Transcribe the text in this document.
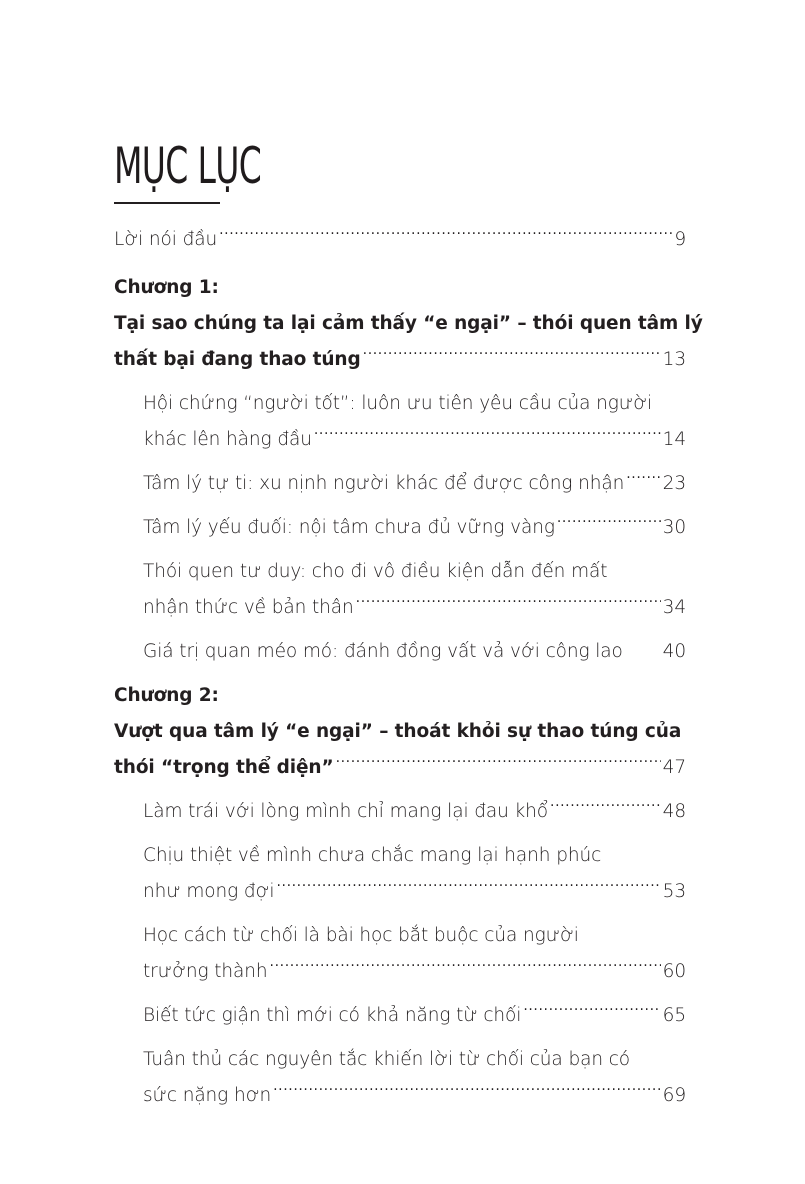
MỤC LỤC
Lời nói đầu .....	9
Chương 1:
Tại sao chúng ta lại cảm thấy “e ngại” – thói quen tâm lý
thất bại đang thao túng .....	13
Hội chứng “người tốt”: luôn ưu tiên yêu cầu của người
khác lên hàng đầu .....	14
Tâm lý tự ti: xu nịnh người khác để được công nhận ..... 23
Tâm lý yếu đuối: nội tâm chưa đủ vững vàng .....	30
Thói quen tư duy: cho đi vô điều kiện dẫn đến mất
nhận thức về bản thân .....	34
Giá trị quan méo mó: đánh đồng vất vả với công lao 40
Chương 2:
Vượt qua tâm lý “e ngại” – thoát khỏi sự thao túng của
thói “trọng thể diện” .....	47
Làm trái với lòng mình chỉ mang lại đau khổ .....	48
Chịu thiệt về mình chưa chắc mang lại hạnh phúc
như mong đợi .....	53
Học cách từ chối là bài học bắt buộc của người
trưởng thành .....	60
Biết tức giận thì mới có khả năng từ chối .....	65
Tuân thủ các nguyên tắc khiến lời từ chối của bạn có
sức nặng hơn .....	69
